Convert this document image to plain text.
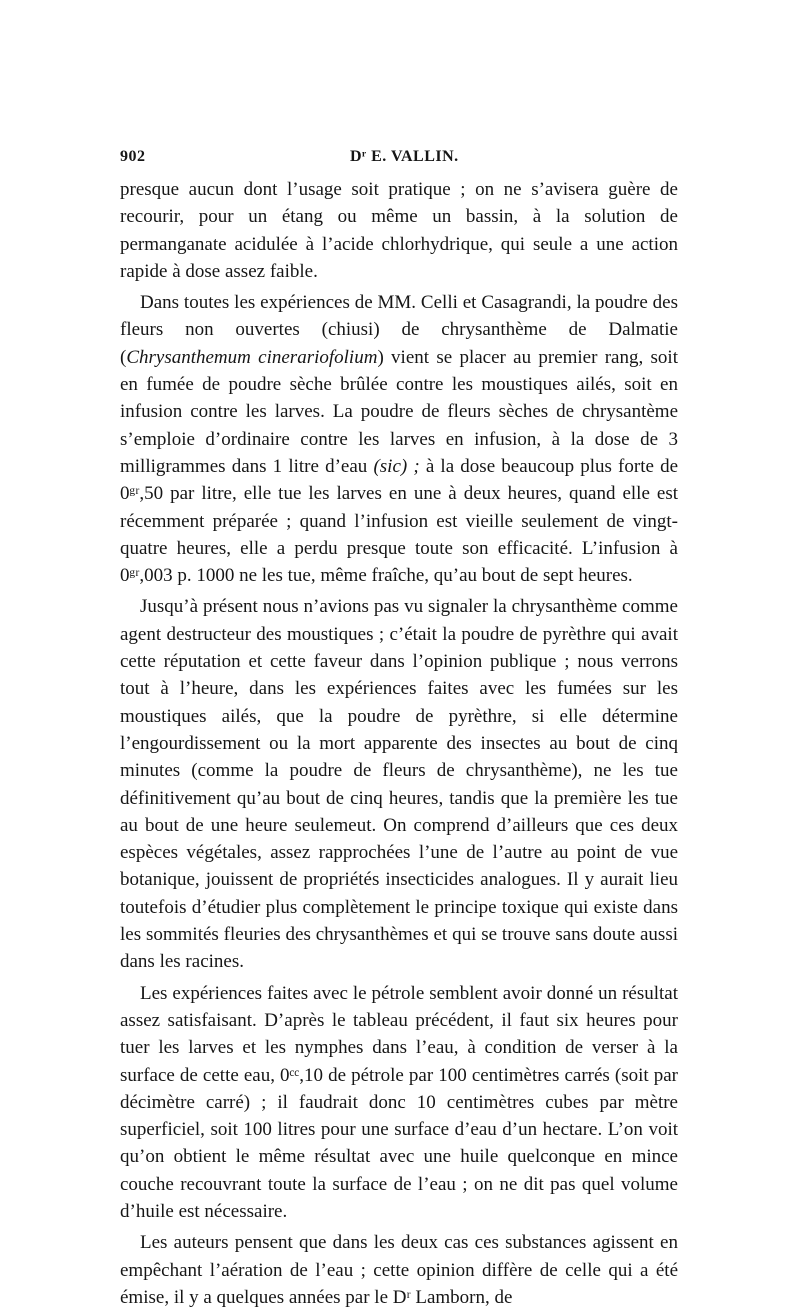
902	Dʳ E. VALLIN.

presque aucun dont l’usage soit pratique ; on ne s’avisera guère de recourir, pour un étang ou même un bassin, à la solution de permanganate acidulée à l’acide chlorhydrique, qui seule a une action rapide à dose assez faible.

Dans toutes les expériences de MM. Celli et Casagrandi, la poudre des fleurs non ouvertes (chiusi) de chrysanthème de Dalmatie (Chrysanthemum cinerariofolium) vient se placer au premier rang, soit en fumée de poudre sèche brûlée contre les moustiques ailés, soit en infusion contre les larves. La poudre de fleurs sèches de chrysantème s’emploie d’ordinaire contre les larves en infusion, à la dose de 3 milligrammes dans 1 litre d’eau (sic) ; à la dose beaucoup plus forte de 0ᵍʳ,50 par litre, elle tue les larves en une à deux heures, quand elle est récemment préparée ; quand l’infusion est vieille seulement de vingt-quatre heures, elle a perdu presque toute son efficacité. L’infusion à 0ᵍʳ,003 p. 1000 ne les tue, même fraîche, qu’au bout de sept heures.

Jusqu’à présent nous n’avions pas vu signaler la chrysanthème comme agent destructeur des moustiques ; c’était la poudre de pyrèthre qui avait cette réputation et cette faveur dans l’opinion publique ; nous verrons tout à l’heure, dans les expériences faites avec les fumées sur les moustiques ailés, que la poudre de pyrèthre, si elle détermine l’engourdissement ou la mort apparente des insectes au bout de cinq minutes (comme la poudre de fleurs de chrysanthème), ne les tue définitivement qu’au bout de cinq heures, tandis que la première les tue au bout de une heure seulemeut. On comprend d’ailleurs que ces deux espèces végétales, assez rapprochées l’une de l’autre au point de vue botanique, jouissent de propriétés insecticides analogues. Il y aurait lieu toutefois d’étudier plus complètement le principe toxique qui existe dans les sommités fleuries des chrysanthèmes et qui se trouve sans doute aussi dans les racines.

Les expériences faites avec le pétrole semblent avoir donné un résultat assez satisfaisant. D’après le tableau précédent, il faut six heures pour tuer les larves et les nymphes dans l’eau, à condition de verser à la surface de cette eau, 0ᶜᶜ,10 de pétrole par 100 centimètres carrés (soit par décimètre carré) ; il faudrait donc 10 centimètres cubes par mètre superficiel, soit 100 litres pour une surface d’eau d’un hectare. L’on voit qu’on obtient le même résultat avec une huile quelconque en mince couche recouvrant toute la surface de l’eau ; on ne dit pas quel volume d’huile est nécessaire.

Les auteurs pensent que dans les deux cas ces substances agissent en empêchant l’aération de l’eau ; cette opinion diffère de celle qui a été émise, il y a quelques années par le Dʳ Lamborn, de
